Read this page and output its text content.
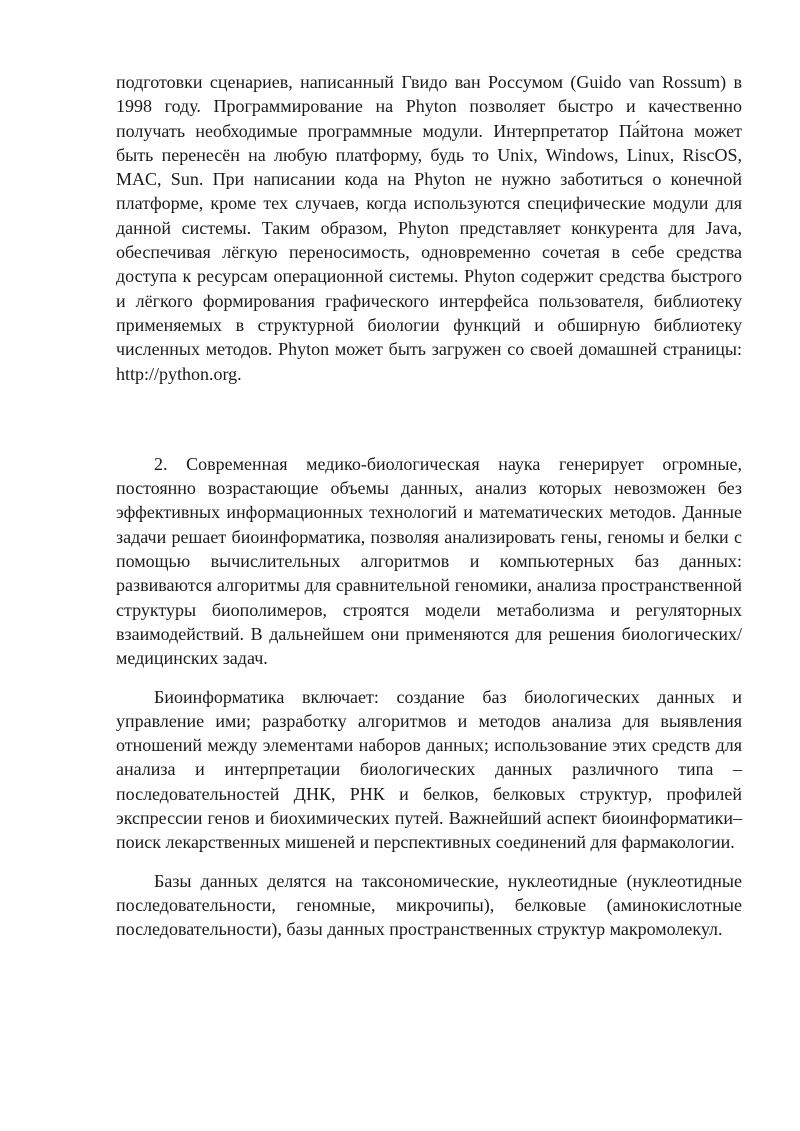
подготовки сценариев, написанный Гвидо ван Россумом (Guido van Rossum) в 1998 году. Программирование на Phyton позволяет быстро и качественно получать необходимые программные модули. Интерпретатор Па́йтона может быть перенесён на любую платформу, будь то Unix, Windows, Linux, RiscOS, MAC, Sun. При написании кода на Phyton не нужно заботиться о конечной платформе, кроме тех случаев, когда используются специфические модули для данной системы. Таким образом, Phyton представляет конкурента для Java, обеспечивая лёгкую переносимость, одновременно сочетая в себе средства доступа к ресурсам операционной системы. Phyton содержит средства быстрого и лёгкого формирования графического интерфейса пользователя, библиотеку применяемых в структурной биологии функций и обширную библиотеку численных методов. Phyton может быть загружен со своей домашней страницы: http://python.org.

2. Современная медико-биологическая наука генерирует огромные, постоянно возрастающие объемы данных, анализ которых невозможен без эффективных информационных технологий и математических методов. Данные задачи решает биоинформатика, позволяя анализировать гены, геномы и белки с помощью вычислительных алгоритмов и компьютерных баз данных: развиваются алгоритмы для сравнительной геномики, анализа пространственной структуры биополимеров, строятся модели метаболизма и регуляторных взаимодействий. В дальнейшем они применяются для решения биологических/медицинских задач.

Биоинформатика включает: создание баз биологических данных и управление ими; разработку алгоритмов и методов анализа для выявления отношений между элементами наборов данных; использование этих средств для анализа и интерпретации биологических данных различного типа – последовательностей ДНК, РНК и белков, белковых структур, профилей экспрессии генов и биохимических путей. Важнейший аспект биоинформатики– поиск лекарственных мишеней и перспективных соединений для фармакологии.

Базы данных делятся на таксономические, нуклеотидные (нуклеотидные последовательности, геномные, микрочипы), белковые (аминокислотные последовательности), базы данных пространственных структур макромолекул.
